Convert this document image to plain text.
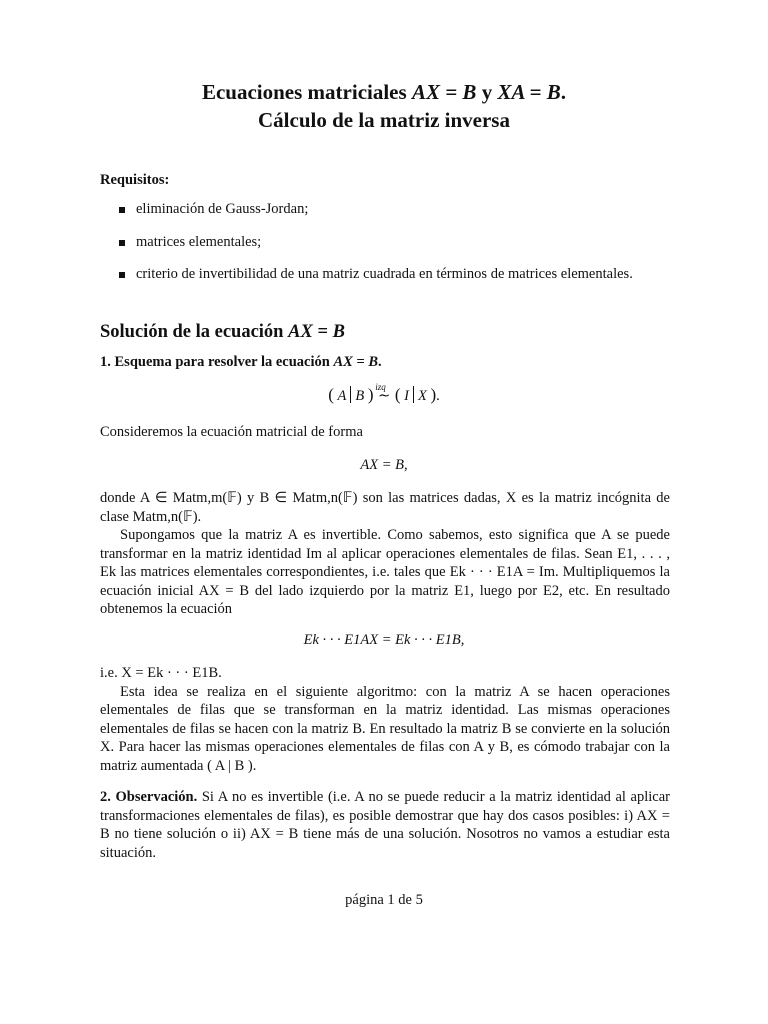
Ecuaciones matriciales AX = B y XA = B.
Cálculo de la matriz inversa
Requisitos:
eliminación de Gauss-Jordan;
matrices elementales;
criterio de invertibilidad de una matriz cuadrada en términos de matrices elementales.
Solución de la ecuación AX = B
1. Esquema para resolver la ecuación AX = B.
( A B ) izq
∼ ( I X ).
Consideremos la ecuación matricial de forma
AX = B,

donde A ∈ Matm,m(𝔽) y B ∈ Matm,n(𝔽) son las matrices dadas, X es la matriz incógnita de clase Matm,n(𝔽).

Supongamos que la matriz A es invertible. Como sabemos, esto significa que A se puede transformar en la matriz identidad Im al aplicar operaciones elementales de filas. Sean E1, . . . , Ek las matrices elementales correspondientes, i.e. tales que Ek · · · E1A = Im. Multipliquemos la ecuación inicial AX = B del lado izquierdo por la matriz E1, luego por E2, etc. En resultado obtenemos la ecuación

Ek · · · E1AX = Ek · · · E1B,

i.e. X = Ek · · · E1B.

Esta idea se realiza en el siguiente algoritmo: con la matriz A se hacen operaciones elementales de filas que se transforman en la matriz identidad. Las mismas operaciones elementales de filas se hacen con la matriz B. En resultado la matriz B se convierte en la solución X. Para hacer las mismas operaciones elementales de filas con A y B, es cómodo trabajar con la matriz aumentada ( A | B ).

2. Observación. Si A no es invertible (i.e. A no se puede reducir a la matriz identidad al aplicar transformaciones elementales de filas), es posible demostrar que hay dos casos posibles: i) AX = B no tiene solución o ii) AX = B tiene más de una solución. Nosotros no vamos a estudiar esta situación.

página 1 de 5
